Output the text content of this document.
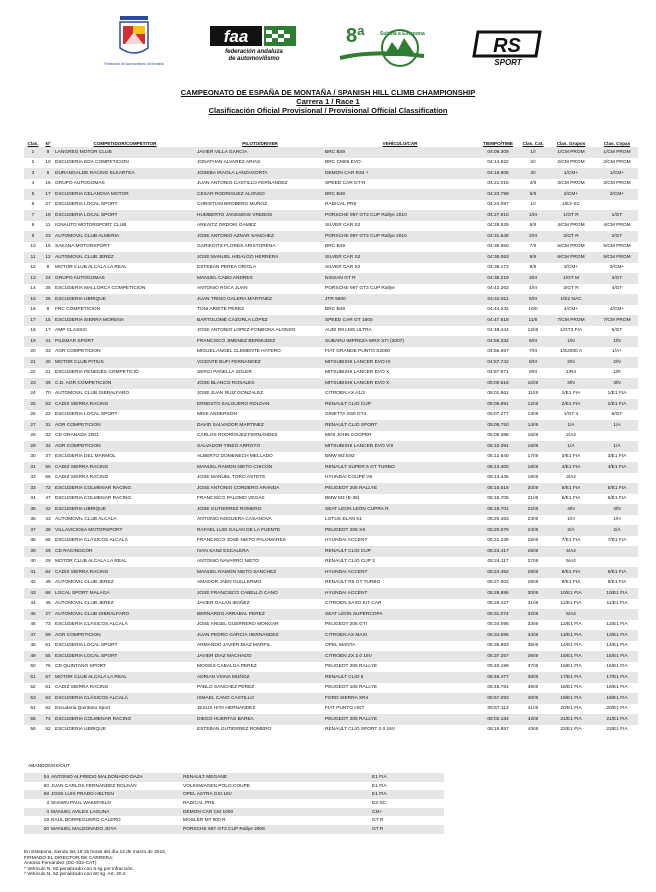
Federación de Automovilismo de Montaña
faa
federación andaluza
de automovilismo
8ª	Subida a Estepona
RS
SPORT
CAMPEONATO DE ESPAÑA DE MONTAÑA / SPANISH HILL CLIMB CHAMPIONSHIP
Carrera 1 / Race 1
Clasificación Oficial Provisional / Provisional Official Classification
Clas.	Nº	COMPETIDOR/COMPETITOR	PILOTO/DRIVER	VEHÍCULO/CAR	TIEMPO/TIME	Clas. Cat.	Clas. Grupos	Clas. Copas
1	9	LANGREO MOTOR CLUB	JAVIER VILLA GARCIA	BRC B49	04:09.309	1/I	1/CM PROM	1/CM PROM
2	10	ESCUDERIA EDA COMPETICION	JONATHAN ALVAREZ ARIAS	BRC CM05 EVO	04:14.922	2/I	2/CM PROM	2/CM PROM
3	5	DURANGALDE RACING ELKARTEA	JOSEBA IRAOLA LANZAGORTA	DEMON CAR R34 +	04:18.908	3/I	1/CM+	1/CM+
4	16	GRUPO AUTOGOMAS	JUAN ANTONIO CASTILLO FERNANDEZ	SPEED CAR GT-R	04:21.016	4/II	3/CM PROM	3/CM PROM
5	17	ESCUDERIA CELANOVA MOTOR	CESAR RODRIGUEZ ALONSO	BRC B49	04:23.798	5/II	2/CM+	2/CM+
6	27	ESCUDERIA LOCAL SPORT	CHRISTIAN BROBERG MUÑOZ	RADICAL PR6	04:24.097	1/I	1/E2-SC	
7	18	ESCUDERIA LOCAL SPORT	HUMBERTO JANSSENS VREBOS	PORSCHE 997 GT3 CUP Rallye 2010	04:27.910	1/III	1/GT R	1/GT
8	11	IGNAUTO MOTORSPORT CLUB	ARKAITZ ORDOKI GAMEZ	SILVER CAR S2	04:28.529	6/II	4/CM PROM	4/CM PROM
9	23	AUTOMOVIL CLUB ALMERIA	JOSE ANTONIO AZNAR SANCHEZ	PORSCHE 997 GT3 CUP Rallye 2010	04:31.548	2/III	2/GT R	2/GT
10	15	SAKANA MOTORSPORT	GARIKOITZ FLORES ARISTORENA	BRC B49	04:35.650	7/II	5/CM PROM	5/CM PROM
11	12	AUTOMOVIL CLUB JEREZ	JOSE MANUEL HIDALGO HERRERA	SILVER CAR S2	04:36.063	8/II	6/CM PROM	6/CM PROM
12	8	MOTOR CLUB ALCALA LA REAL	ESTEBAN PEREA ORIOLA	SILVER CAR S2	04:38.173	9/II	3/CM+	3/CM+
13	24	GRUPO AUTOGOMAS	MANUEL CABO ANDRES	NISSAN GT R	04:38.219	3/III	1/GT M	3/GT
14	25	ESCUDERIA MALLORCA COMPETICION	ANTONIO ROCA JUAN	PORSCHE 997 GT3 CUP Rallye	04:42.263	4/III	3/GT R	4/GT
15	26	ESCUDERIA UBRIQUE	JUAN TRINO GALERA MARTINEZ	JTR 5600	04:42.811	5/III	1/E2 NAC	
16	6	FRC COMPETICION	TONI ARIETE PÉREZ	BRC B49	04:44.242	10/II	4/CM+	4/CM+
17	15	ESCUDERIA SIERRA MORENA	BARTOLOMÉ CAZORLA LÓPEZ	SPEED CAR GT 1000	04:47.818	11/II	7/CM PROM	7/CM PROM
18	17	AMP CLASSIC	JOSE ANTONIO LOPEZ-FONBONA ALONSO	AUDI R8 LMS ULTRA	04:48.444	12/III	1/GT3 FIA	5/GT
19	41	PILEMAR SPORT	FRANCISCO JIMENEZ BERMUDEZ	SUBARU IMPREZA WRX STI (2007)	04:56.332	6/III	1/N	1/N
20	33	AGR COMPETICION	MIGUEL ANGEL CLEMENTE HATERO	FIAT GRANDE PUNTO S2000	04:56.657	7/III	1/S2000 A	1/A+
21	40	MOTOR CLUB PITIUS	VICENTE BUFI FERNANDEZ	MITSUBISHI LANCER EVO IX	04:57.742	8/III	2/N	2/N
22	21	ESCUDERIA PENEDÈS COMPETICIÓ	SERGI PAÑELLA SOLER	MITSUBISHI LANCER EVO X	04:57.971	9/III	1/R4	1/R
23	39	C.D. AGR COMPETICION	JOSE BLANCO ROSALES	MITSUBISHI LANCER EVO X	05:00.516	10/III	3/N	3/N
24	70	AUTOMOVIL CLUB GIBRALFARO	JOSE JUAN RUIZ GONZALEZ	CITROEN AX A1/2	05:01.861	11/III	1/E1 FIA	1/E1 FIA
25	53	CADIZ SIERRA RACING	ERNESTO SALGUERO ROLDAN	RENAULT CLIO CUP	05:06.691	12/III	2/E1 FIA	2/E1 FIA
26	22	ESCUDERIA LOCAL SPORT	MIKE ANDERSON	GINETTA G50 GT4	05:07.277	13/III	1/GT 4	6/GT
27	31	AGR COMPETICION	DAVID SALVADOR MARTINEZ	RENAULT CLIO SPORT	05:08.750	14/III	1/A	1/A
28	32	CD GRANADA 2001	CARLOS RODRÍGUEZ FERNÁNDEZ	MINI JOHN COOPER	05:09.388	15/III	2/A2	
29	34	AGR COMPETICION	SALVADOR TINEO ARROYO	MITSUBISHI LANCER EVO VIII	05:10.391	16/III	1/A	1/A
30	37	ESCUDERIA DEL MARMOL	ALBERTO DOMENECH MELLADO	BMW M3 E92	05:12.640	17/III	3/E1 FIA	3/E1 FIA
31	50	CADIZ SIERRA RACING	MANUEL RAMON NIETO CHICON	RENAULT SUPER 5 GT TURBO	05:13.400	18/III	4/E1 FIA	4/E1 FIA
32	56	CADIZ SIERRA RACING	JOSE MANUEL TORO ASTETE	HYUNDAI COUPÉ V6	05:13.445	19/III	3/A2	
33	72	ESCUDERIA COLMENAR RACING	JOSE ANTONIO CORDERO ARANDA	PEUGEOT 205 RALLYE	05:15.016	20/III	5/E1 FIA	5/E1 FIA
34	47	ESCUDERIA COLMENAR RACING	FRANCISCO PALOMO VEGAS	BMW M3 (E-36)	05:16.706	21/III	6/E1 FIA	6/E1 FIA
35	42	ESCUDERIA UBRIQUE	JOSE GUTIERREZ ROMERO	SEAT LEON LEÓN CUPRA R	05:18.701	22/III	4/N	4/N
36	43	AUTOMOVIL CLUB ALCALA	ANTONIO NOGUERA CASANOVA	LOTUS ELAN S1	05:20.463	23/III	1/H	1/H
37	38	VILLAVICIOSA MOTORSPORT	RAFAEL LUIS GALAN DE LA FUENTE	PEUGEOT 206 XS	05:20.579	24/III	2/A	2/A
38	65	ESCUDERIA CLÁSICOS ALCALÁ	FRANCISCO JOSE NIETO PALOMARES	HYUNDAI ACCENT	05:21.239	25/III	7/E1 FIA	7/E1 FIA
39	29	CD RACINGCOR	IVAN SANZ ESCALERA	RENAULT CLIO CUP	05:23.417	26/III	4/A2	
40	29	MOTOR CLUB ALCALA LA REAL	ANTONIO NAVARRO NIETO	RENAULT CLIO CUP 3	05:24.117	27/III	5/A2	
41	64	CADIZ SIERRA RACING	MANUEL RAMON NIETO SANCHEZ	HYUNDAI ACCENT	05:24.452	28/III	8/E1 FIA	8/E1 FIA
42	49	AUTOMOVIL CLUB JEREZ	AMADOR JAÉN GUILLERMO	RENAULT R5 GT TURBO	05:27.002	29/III	9/E1 FIA	9/E1 FIA
43	66	LOCAL SPORT MALAGA	JOSE FRANCISCO CABELLO CANO	HYUNDAI ACCENT	05:28.896	30/III	10/E1 FIA	10/E1 FIA
44	45	AUTOMOVIL CLUB JEREZ	JAVIER GALAN IBAÑEZ	CITROEN SAXO KIT CAR	05:29.427	31/III	11/E1 FIA	11/E1 FIA
45	27	AUTOMOVIL CLUB GIBRALFARO	BERNARDO ARRABAL PEREZ	SEAT LEON SUPERCOPA	05:31.074	32/III	6/A2	
46	73	ESCUDERIA CLÁSICOS ALCALÁ	JOSE ANGEL GUERRERO MONGAR	PEUGEOT 205 GTI	05:34.095	33/III	12/E1 FIA	12/E1 FIA
47	69	AGR COMPETICION	JUAN PEDRO GARCIA HERNANDEZ	CITROEN AX MAXI	05:34.695	34/III	13/E1 FIA	13/E1 FIA
48	51	ESCUDERIA LOCAL SPORT	ARMANDO JAVIER DIAZ MARFIL	OPEL MANTA	05:35.993	35/III	14/E1 FIA	14/E1 FIA
49	55	ESCUDERIA LOCAL SPORT	JAVIER DIAZ MACHADO	CITROEN ZX 2.0 16V	05:37.257	36/III	15/E1 FIA	15/E1 FIA
50	75	CD QUINTANO SPORT	MOISES CABALGA PEREZ	PEUGEOT 205 RALLYE	05:40.198	37/III	16/E1 FIA	16/E1 FIA
51	57	MOTOR CLUB ALCALA LA REAL	ADRIAN VIANA MUÑOZ	RENAULT CLIO 5	05:46.477	38/III	17/E1 FIA	17/E1 FIA
52	61	CADIZ SIERRA RACING	PABLO SANCHEZ PEREZ	PEUGEOT 106 RALLYE	05:46.781	39/III	18/E1 FIA	18/E1 FIA
53	63	ESCUDERIA CLÁSICOS ALCALÁ	ISMAEL CANO CASTILLO	FORD SIERRA XR4	05:57.093	40/III	19/E1 FIA	19/E1 FIA
54	62	Escuderia Quintano Sport	JESUS HITA HERNANDEZ	FIAT PUNTO HGT	05:57.113	41/III	20/E1 FIA	20/E1 FIA
55	74	ESCUDERIA COLMENAR RACING	DIEGO HUERTAS BAREA	PEUGEOT 205 RALLYE	06:02.184	42/III	21/E1 FIA	21/E1 FIA
56	52	ESCUDERIA UBRIQUE	ESTEBAN GUTIÉRREZ ROMERO	RENAULT CLIO SPORT 2.0 16V	06:15.857	43/III	22/E1 FIA	22/E1 FIA
ABANDONOS/OUT
54	ANTONIO ALFREDO MALDONADO DAZA	RENAULT MEGANE	E1 FIA
60	JUAN CARLOS FERNÁNDEZ ROLDÁN	VOLKSWAGEN POLO COUPE	E1 FIA
68	JOSE LUIS PRADO HELTEN	OPEL ASTRA GSI 16V	E1 FIA
3	SHAWN PAUL WAKEFIELD	RADICAL PR6	E2-SC
4	MANUEL AVILES LAGUNA	DEMON CAR CM 1000	CM+
19	RAUL BORREGUERO CALERO	MOSLER MT 900 R	GT R
20	MANUEL MALDONADO JOYA	PORSCHE 997 GT3 CUP Rallye 2008	GT R
En Estepona, siendo las 19:15 horas del día 12 de marzo de 2016,
FIRMADO EL DIRECTOR DE CARRERA:
Antonio Fernández (DC-332-CAT)
* Vehículo N. 62 penalizado con 5 sg por infracción.
* Vehículo N. 52 penalizado con 60 sg. Art. 20.2
